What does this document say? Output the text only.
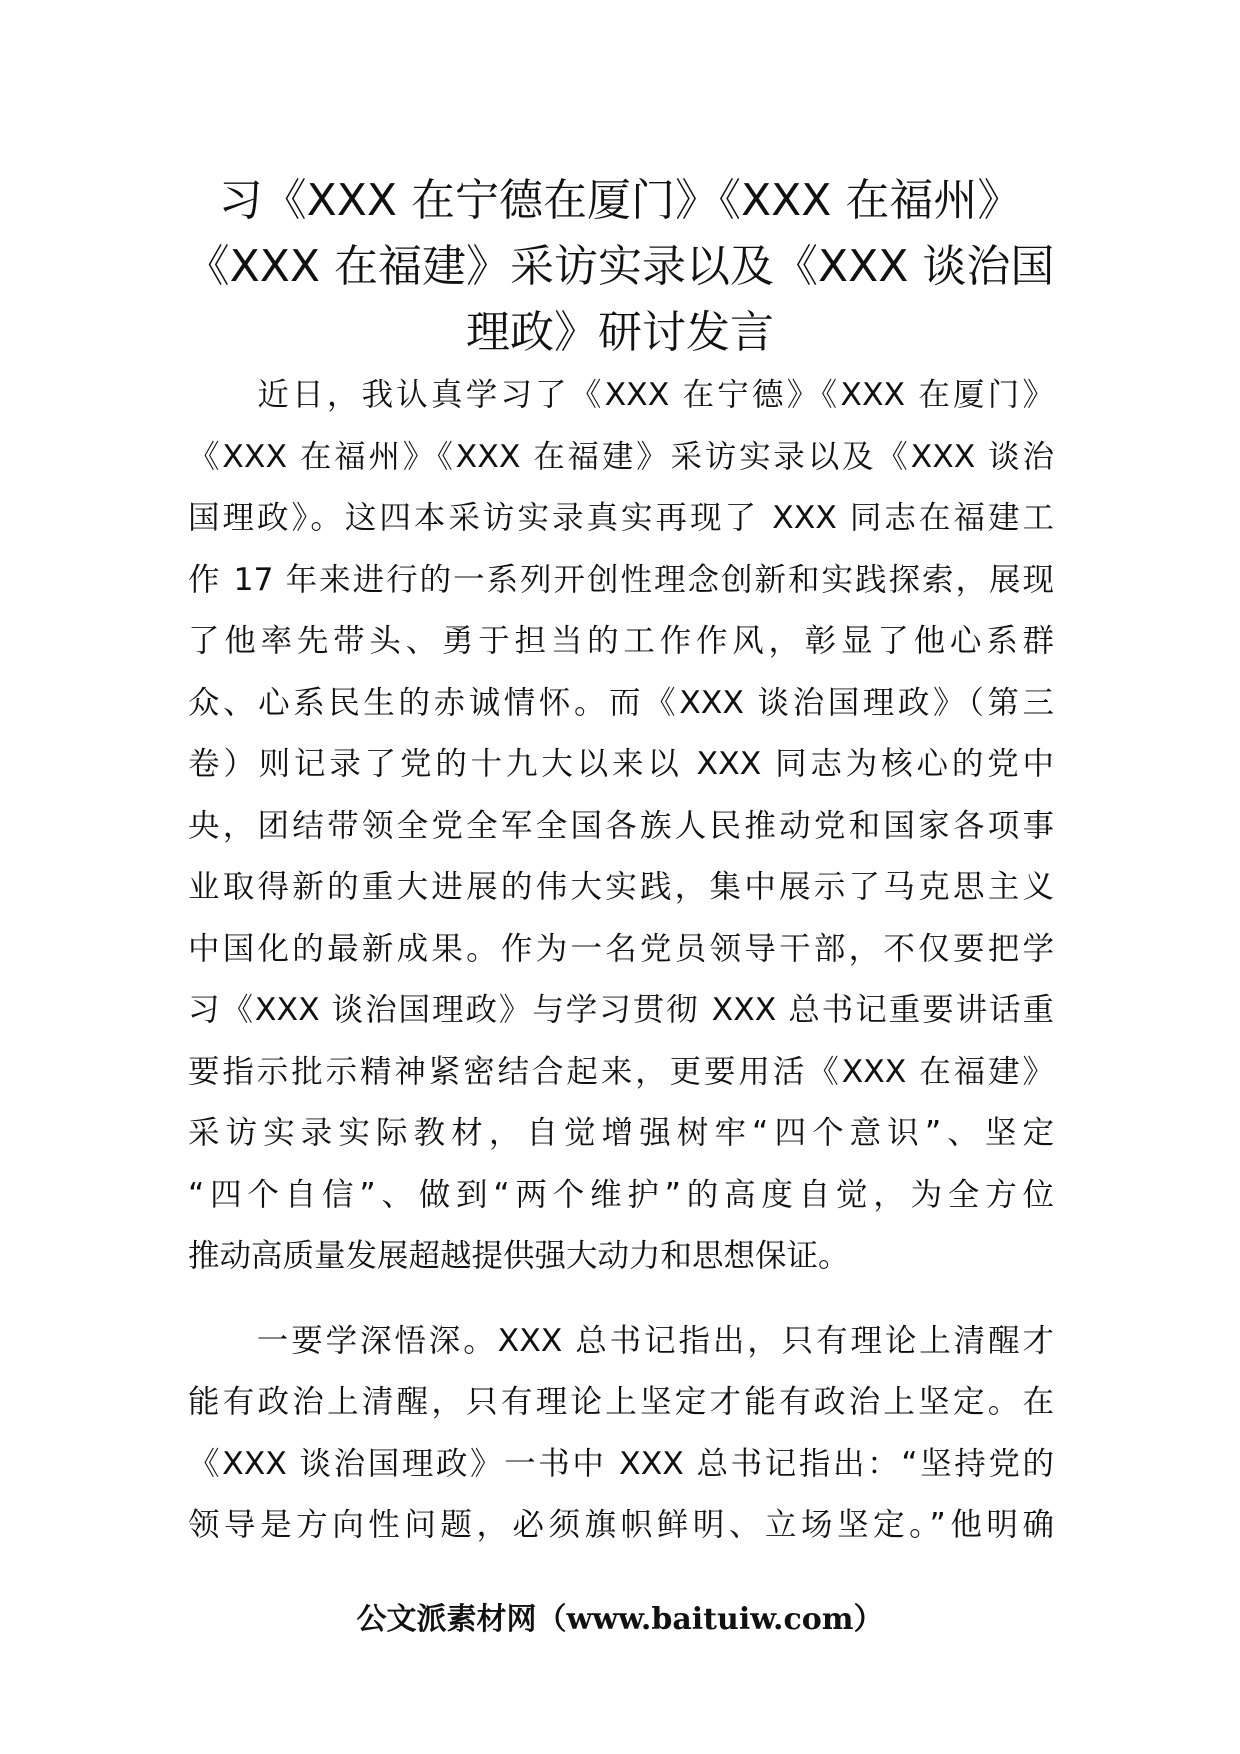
习《XXX 在宁德在厦门》《XXX 在福州》
《XXX 在福建》采访实录以及《XXX 谈治国
理政》研讨发言
　　近日，我认真学习了《XXX 在宁德》《XXX 在厦门》
《XXX 在福州》《XXX 在福建》采访实录以及《XXX 谈治
国理政》。这四本采访实录真实再现了 XXX 同志在福建工
作 17 年来进行的一系列开创性理念创新和实践探索，展现
了他率先带头、勇于担当的工作作风，彰显了他心系群
众、心系民生的赤诚情怀。而《XXX 谈治国理政》（第三
卷）则记录了党的十九大以来以 XXX 同志为核心的党中
央，团结带领全党全军全国各族人民推动党和国家各项事
业取得新的重大进展的伟大实践，集中展示了马克思主义
中国化的最新成果。作为一名党员领导干部，不仅要把学
习《XXX 谈治国理政》与学习贯彻 XXX 总书记重要讲话重
要指示批示精神紧密结合起来，更要用活《XXX 在福建》
采访实录实际教材，自觉增强树牢“四个意识”、坚定
“四个自信”、做到“两个维护”的高度自觉，为全方位
推动高质量发展超越提供强大动力和思想保证。
　　一要学深悟深。XXX 总书记指出，只有理论上清醒才
能有政治上清醒，只有理论上坚定才能有政治上坚定。在
《XXX 谈治国理政》一书中 XXX 总书记指出：“坚持党的
领导是方向性问题，必须旗帜鲜明、立场坚定。”他明确
公文派素材网（www.baituiw.com）
